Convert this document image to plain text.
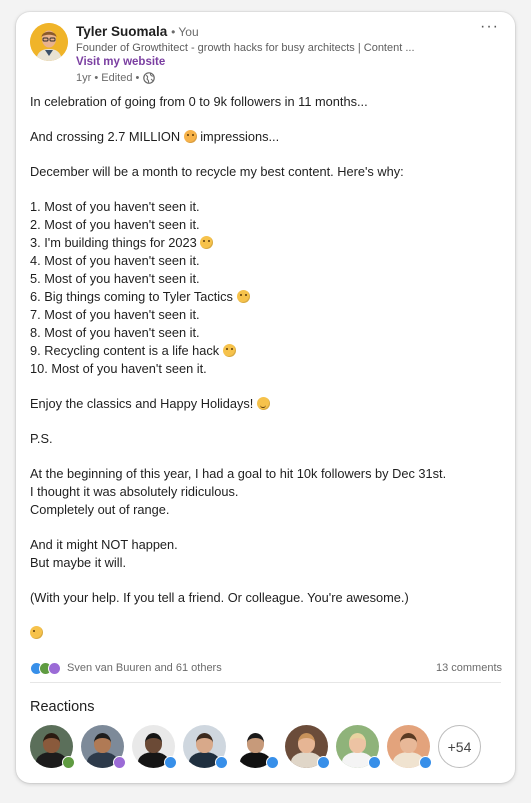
Tyler Suomala • You
Founder of Growthitect - growth hacks for busy architects | Content ...
Visit my website
1yr • Edited •
···
In celebration of going from 0 to 9k followers in 11 months...
And crossing 2.7 MILLION  impressions...
December will be a month to recycle my best content. Here's why:
1. Most of you haven't seen it.
2. Most of you haven't seen it.
3. I'm building things for 2023
4. Most of you haven't seen it.
5. Most of you haven't seen it.
6. Big things coming to Tyler Tactics
7. Most of you haven't seen it.
8. Most of you haven't seen it.
9. Recycling content is a life hack
10. Most of you haven't seen it.
Enjoy the classics and Happy Holidays!
P.S.
At the beginning of this year, I had a goal to hit 10k followers by Dec 31st.
I thought it was absolutely ridiculous.
Completely out of range.
And it might NOT happen.
But maybe it will.
(With your help. If you tell a friend. Or colleague. You're awesome.)
Sven van Buuren and 61 others	13 comments
Reactions
+54
